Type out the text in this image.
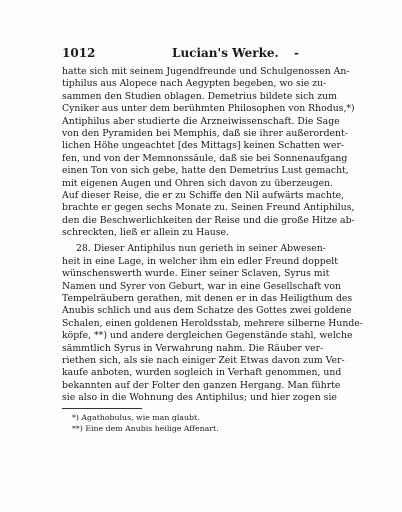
1012	Lucian's Werke. -
hatte sich mit seinem Jugendfreunde und Schulgenossen An-
tiphilus aus Alopece nach Aegypten begeben, wo sie zu-
sammen den Studien oblagen. Demetrius bildete sich zum
Cyniker aus unter dem berühmten Philosophen von Rhodus,*)
Antiphilus aber studierte die Arzneiwissenschaft. Die Sage
von den Pyramiden bei Memphis, daß sie ihrer außerordent-
lichen Höhe ungeachtet [des Mittags] keinen Schatten wer-
fen, und von der Memnonssäule, daß sie bei Sonnenaufgang
einen Ton von sich gebe, hatte den Demetrius Lust gemacht,
mit eigenen Augen und Ohren sich davon zu überzeugen.
Auf dieser Reise, die er zu Schiffe den Nil aufwärts machte,
brachte er gegen sechs Monate zu. Seinen Freund Antiphilus,
den die Beschwerlichkeiten der Reise und die große Hitze ab-
schreckten, ließ er allein zu Hause.
28. Dieser Antiphilus nun gerieth in seiner Abwesen-
heit in eine Lage, in welcher ihm ein edler Freund doppelt
wünschenswerth wurde. Einer seiner Sclaven, Syrus mit
Namen und Syrer von Geburt, war in eine Gesellschaft von
Tempelräubern gerathen, mit denen er in das Heiligthum des
Anubis schlich und aus dem Schatze des Gottes zwei goldene
Schalen, einen goldenen Heroldsstab, mehrere silberne Hunde-
köpfe, **) und andere dergleichen Gegenstände stahl, welche
sämmtlich Syrus in Verwahrung nahm. Die Räuber ver-
riethen sich, als sie nach einiger Zeit Etwas davon zum Ver-
kaufe anboten, wurden sogleich in Verhaft genommen, und
bekannten auf der Folter den ganzen Hergang. Man führte
sie also in die Wohnung des Antiphilus; und hier zogen sie
*) Agathobulus, wie man glaubt.
**) Eine dem Anubis heilige Affenart.
